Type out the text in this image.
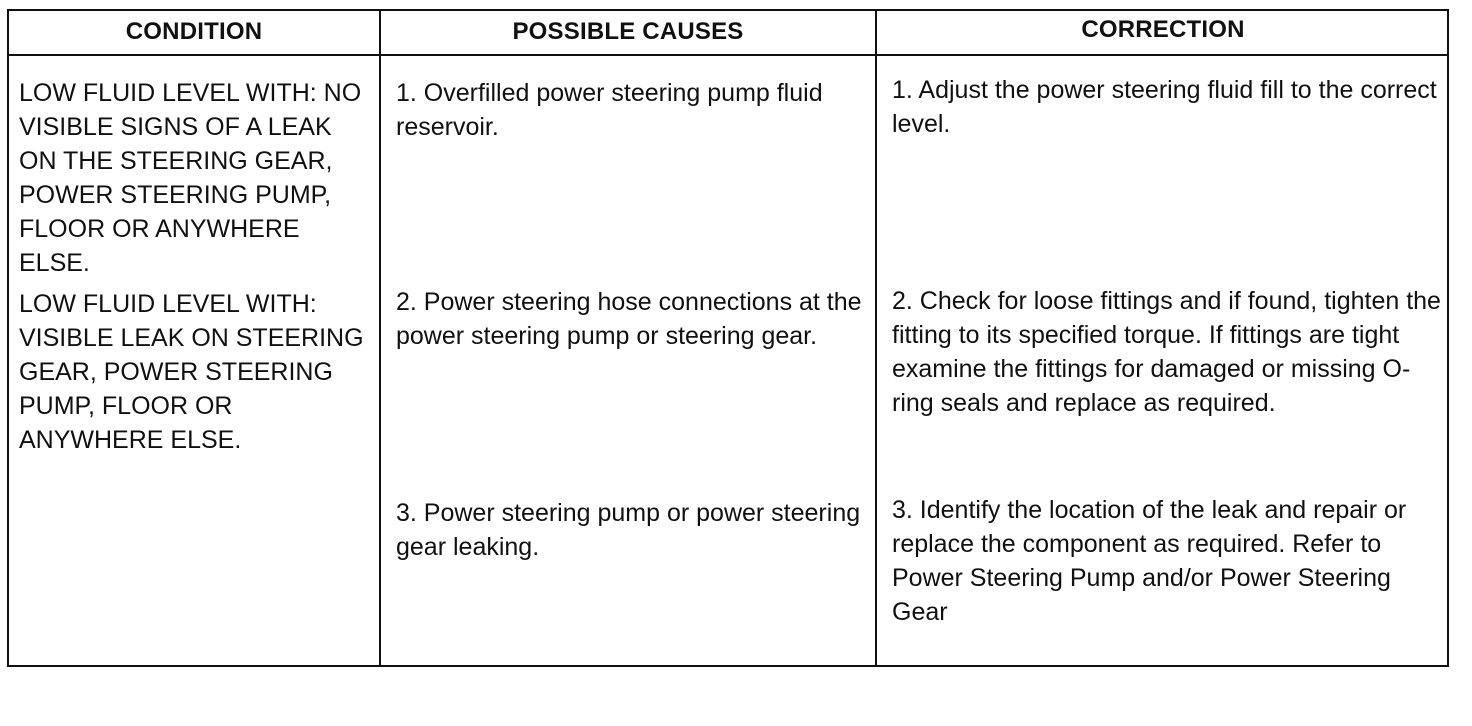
CONDITION	POSSIBLE CAUSES	CORRECTION

LOW FLUID LEVEL WITH: NO VISIBLE SIGNS OF A LEAK ON THE STEERING GEAR, POWER STEERING PUMP, FLOOR OR ANYWHERE ELSE.

1. Overfilled power steering pump fluid reservoir.

1. Adjust the power steering fluid fill to the correct level.

LOW FLUID LEVEL WITH: VISIBLE LEAK ON STEERING GEAR, POWER STEERING PUMP, FLOOR OR ANYWHERE ELSE.

2. Power steering hose connections at the power steering pump or steering gear.

2. Check for loose fittings and if found, tighten the fitting to its specified torque. If fittings are tight examine the fittings for damaged or missing O-ring seals and replace as required.

3. Power steering pump or power steering gear leaking.

3. Identify the location of the leak and repair or replace the component as required. Refer to Power Steering Pump and/or Power Steering Gear
